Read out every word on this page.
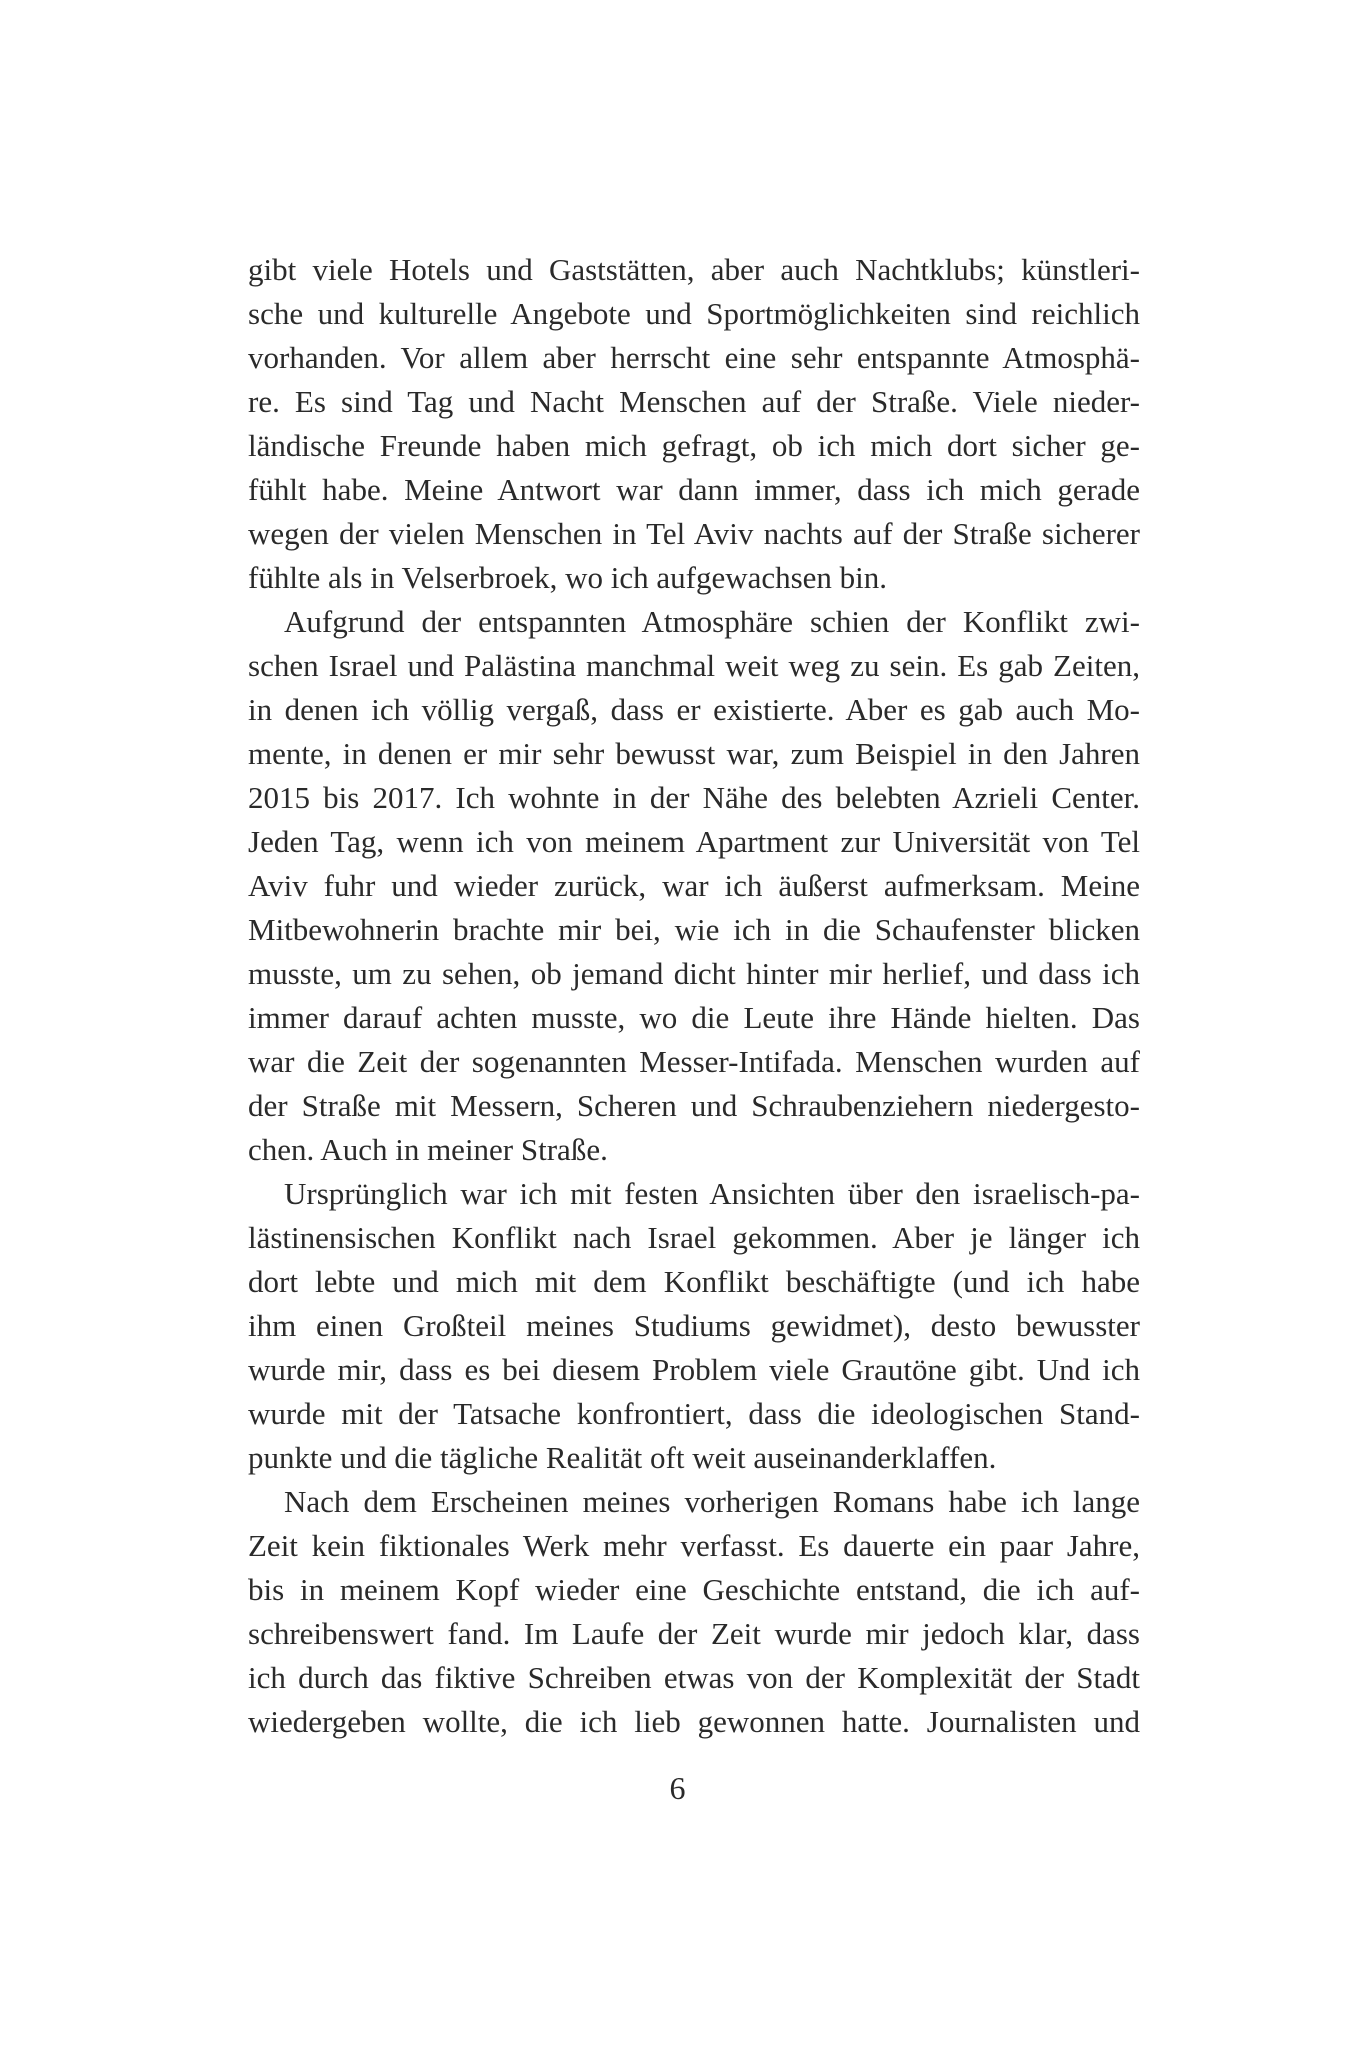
gibt viele Hotels und Gaststätten, aber auch Nachtklubs; künstleri-
sche und kulturelle Angebote und Sportmöglichkeiten sind reichlich
vorhanden. Vor allem aber herrscht eine sehr entspannte Atmosphä-
re. Es sind Tag und Nacht Menschen auf der Straße. Viele nieder-
ländische Freunde haben mich gefragt, ob ich mich dort sicher ge-
fühlt habe. Meine Antwort war dann immer, dass ich mich gerade
wegen der vielen Menschen in Tel Aviv nachts auf der Straße sicherer
fühlte als in Velserbroek, wo ich aufgewachsen bin.
Aufgrund der entspannten Atmosphäre schien der Konflikt zwi-
schen Israel und Palästina manchmal weit weg zu sein. Es gab Zeiten,
in denen ich völlig vergaß, dass er existierte. Aber es gab auch Mo-
mente, in denen er mir sehr bewusst war, zum Beispiel in den Jahren
2015 bis 2017. Ich wohnte in der Nähe des belebten Azrieli Center.
Jeden Tag, wenn ich von meinem Apartment zur Universität von Tel
Aviv fuhr und wieder zurück, war ich äußerst aufmerksam. Meine
Mitbewohnerin brachte mir bei, wie ich in die Schaufenster blicken
musste, um zu sehen, ob jemand dicht hinter mir herlief, und dass ich
immer darauf achten musste, wo die Leute ihre Hände hielten. Das
war die Zeit der sogenannten Messer-Intifada. Menschen wurden auf
der Straße mit Messern, Scheren und Schraubenziehern niedergesto-
chen. Auch in meiner Straße.
Ursprünglich war ich mit festen Ansichten über den israelisch-pa-
lästinensischen Konflikt nach Israel gekommen. Aber je länger ich
dort lebte und mich mit dem Konflikt beschäftigte (und ich habe
ihm einen Großteil meines Studiums gewidmet), desto bewusster
wurde mir, dass es bei diesem Problem viele Grautöne gibt. Und ich
wurde mit der Tatsache konfrontiert, dass die ideologischen Stand-
punkte und die tägliche Realität oft weit auseinanderklaffen.
Nach dem Erscheinen meines vorherigen Romans habe ich lange
Zeit kein fiktionales Werk mehr verfasst. Es dauerte ein paar Jahre,
bis in meinem Kopf wieder eine Geschichte entstand, die ich auf-
schreibenswert fand. Im Laufe der Zeit wurde mir jedoch klar, dass
ich durch das fiktive Schreiben etwas von der Komplexität der Stadt
wiedergeben wollte, die ich lieb gewonnen hatte. Journalisten und
6
